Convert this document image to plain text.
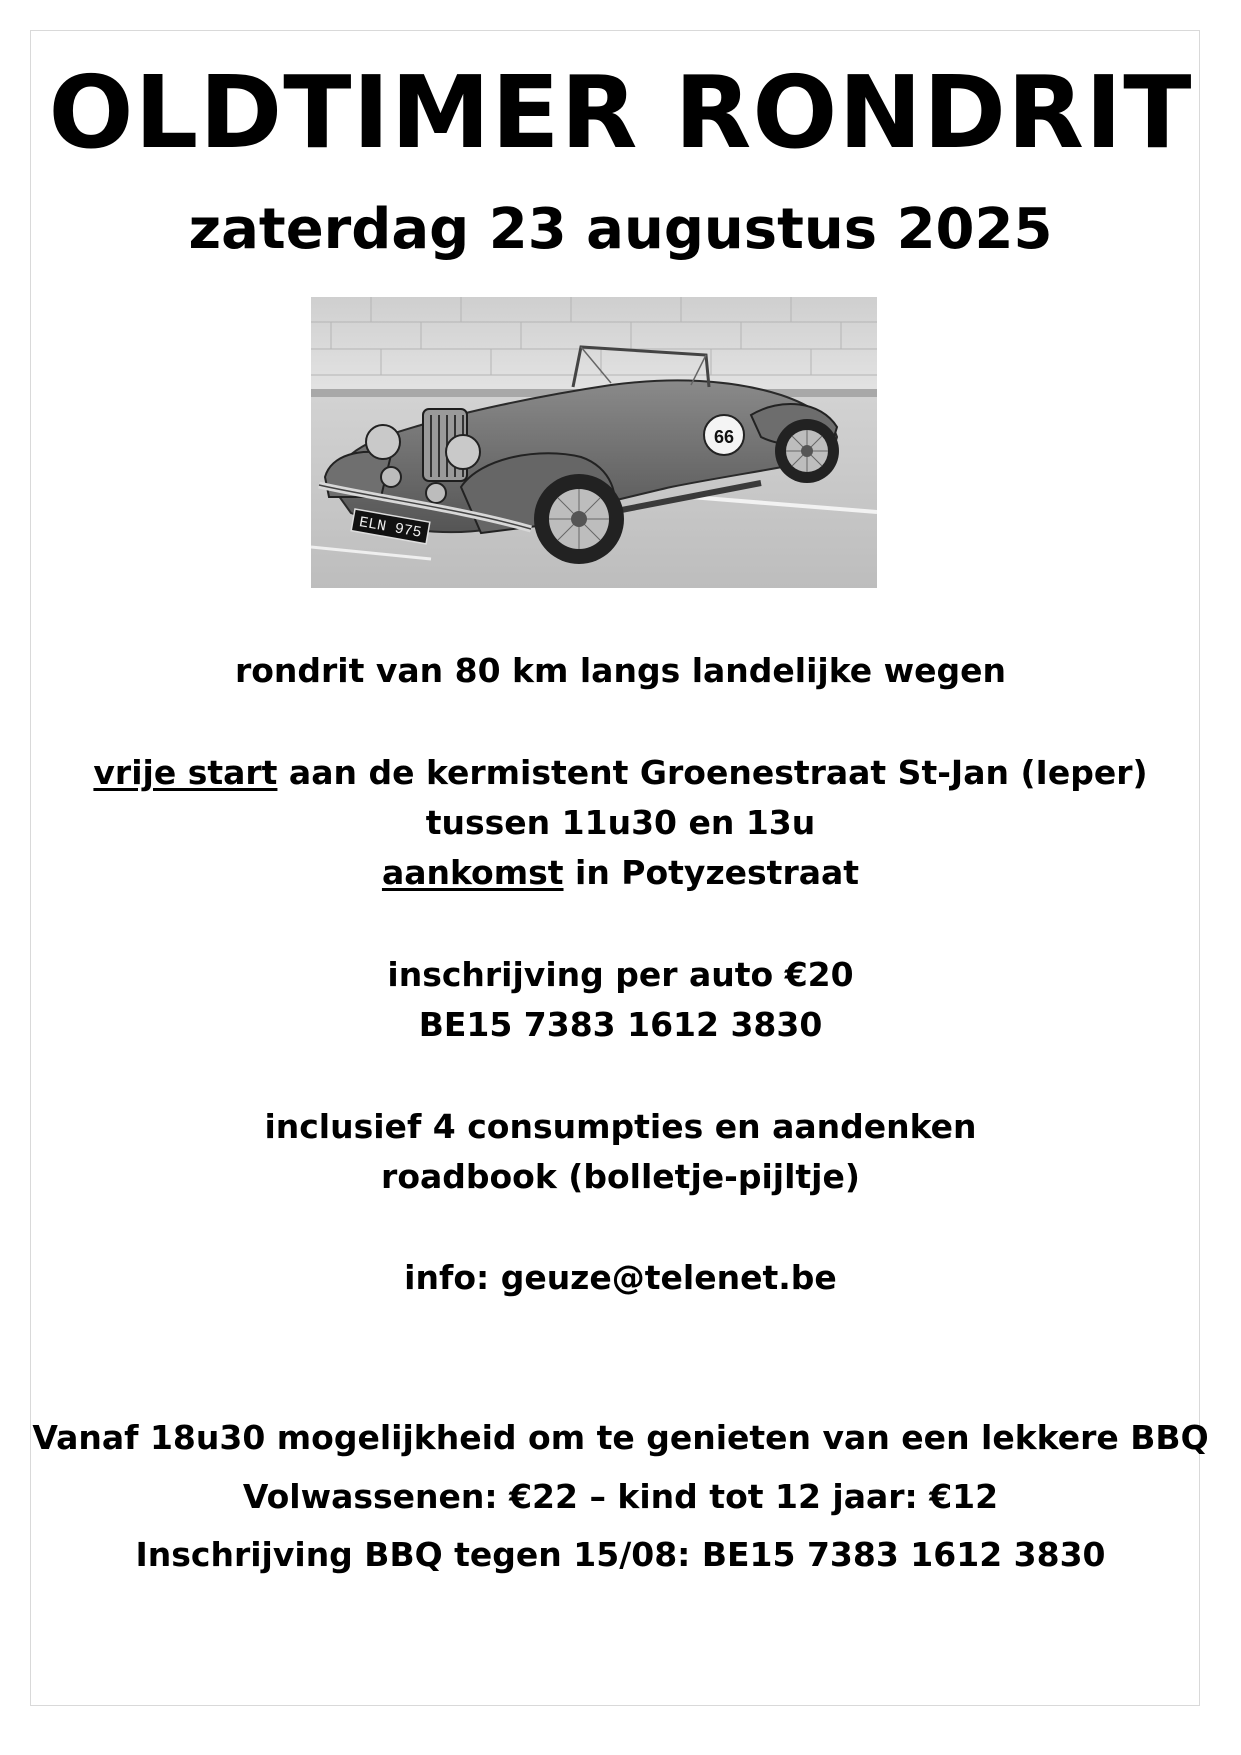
OLDTIMER RONDRIT
zaterdag 23 augustus 2025
ELN 975
66
rondrit van 80 km langs landelijke wegen
vrije start aan de kermistent Groenestraat St-Jan (Ieper)
tussen 11u30 en 13u
aankomst in Potyzestraat
inschrijving per auto €20
BE15 7383 1612 3830
inclusief 4 consumpties en aandenken
roadbook (bolletje-pijltje)
info: geuze@telenet.be
Vanaf 18u30 mogelijkheid om te genieten van een lekkere BBQ
Volwassenen: €22 – kind tot 12 jaar: €12
Inschrijving BBQ tegen 15/08: BE15 7383 1612 3830
